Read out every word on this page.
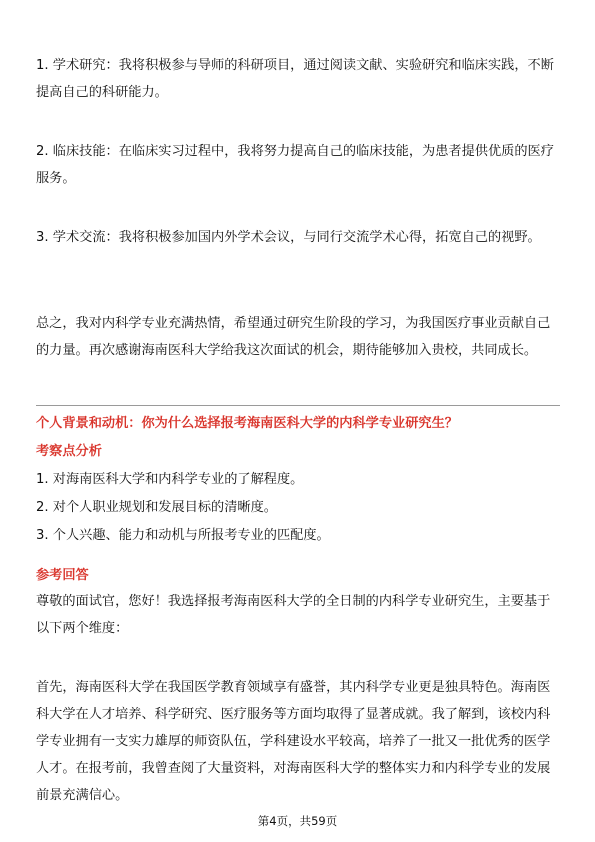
1. 学术研究：我将积极参与导师的科研项目，通过阅读文献、实验研究和临床实践，不断提高自己的科研能力。

2. 临床技能：在临床实习过程中，我将努力提高自己的临床技能，为患者提供优质的医疗服务。

3. 学术交流：我将积极参加国内外学术会议，与同行交流学术心得，拓宽自己的视野。

总之，我对内科学专业充满热情，希望通过研究生阶段的学习，为我国医疗事业贡献自己的力量。再次感谢海南医科大学给我这次面试的机会，期待能够加入贵校，共同成长。

个人背景和动机：你为什么选择报考海南医科大学的内科学专业研究生？

考察点分析

1. 对海南医科大学和内科学专业的了解程度。

2. 对个人职业规划和发展目标的清晰度。

3. 个人兴趣、能力和动机与所报考专业的匹配度。

参考回答

尊敬的面试官，您好！我选择报考海南医科大学的全日制的内科学专业研究生，主要基于以下两个维度：

首先，海南医科大学在我国医学教育领域享有盛誉，其内科学专业更是独具特色。海南医科大学在人才培养、科学研究、医疗服务等方面均取得了显著成就。我了解到，该校内科学专业拥有一支实力雄厚的师资队伍，学科建设水平较高，培养了一批又一批优秀的医学人才。在报考前，我曾查阅了大量资料，对海南医科大学的整体实力和内科学专业的发展前景充满信心。

第4页，共59页
